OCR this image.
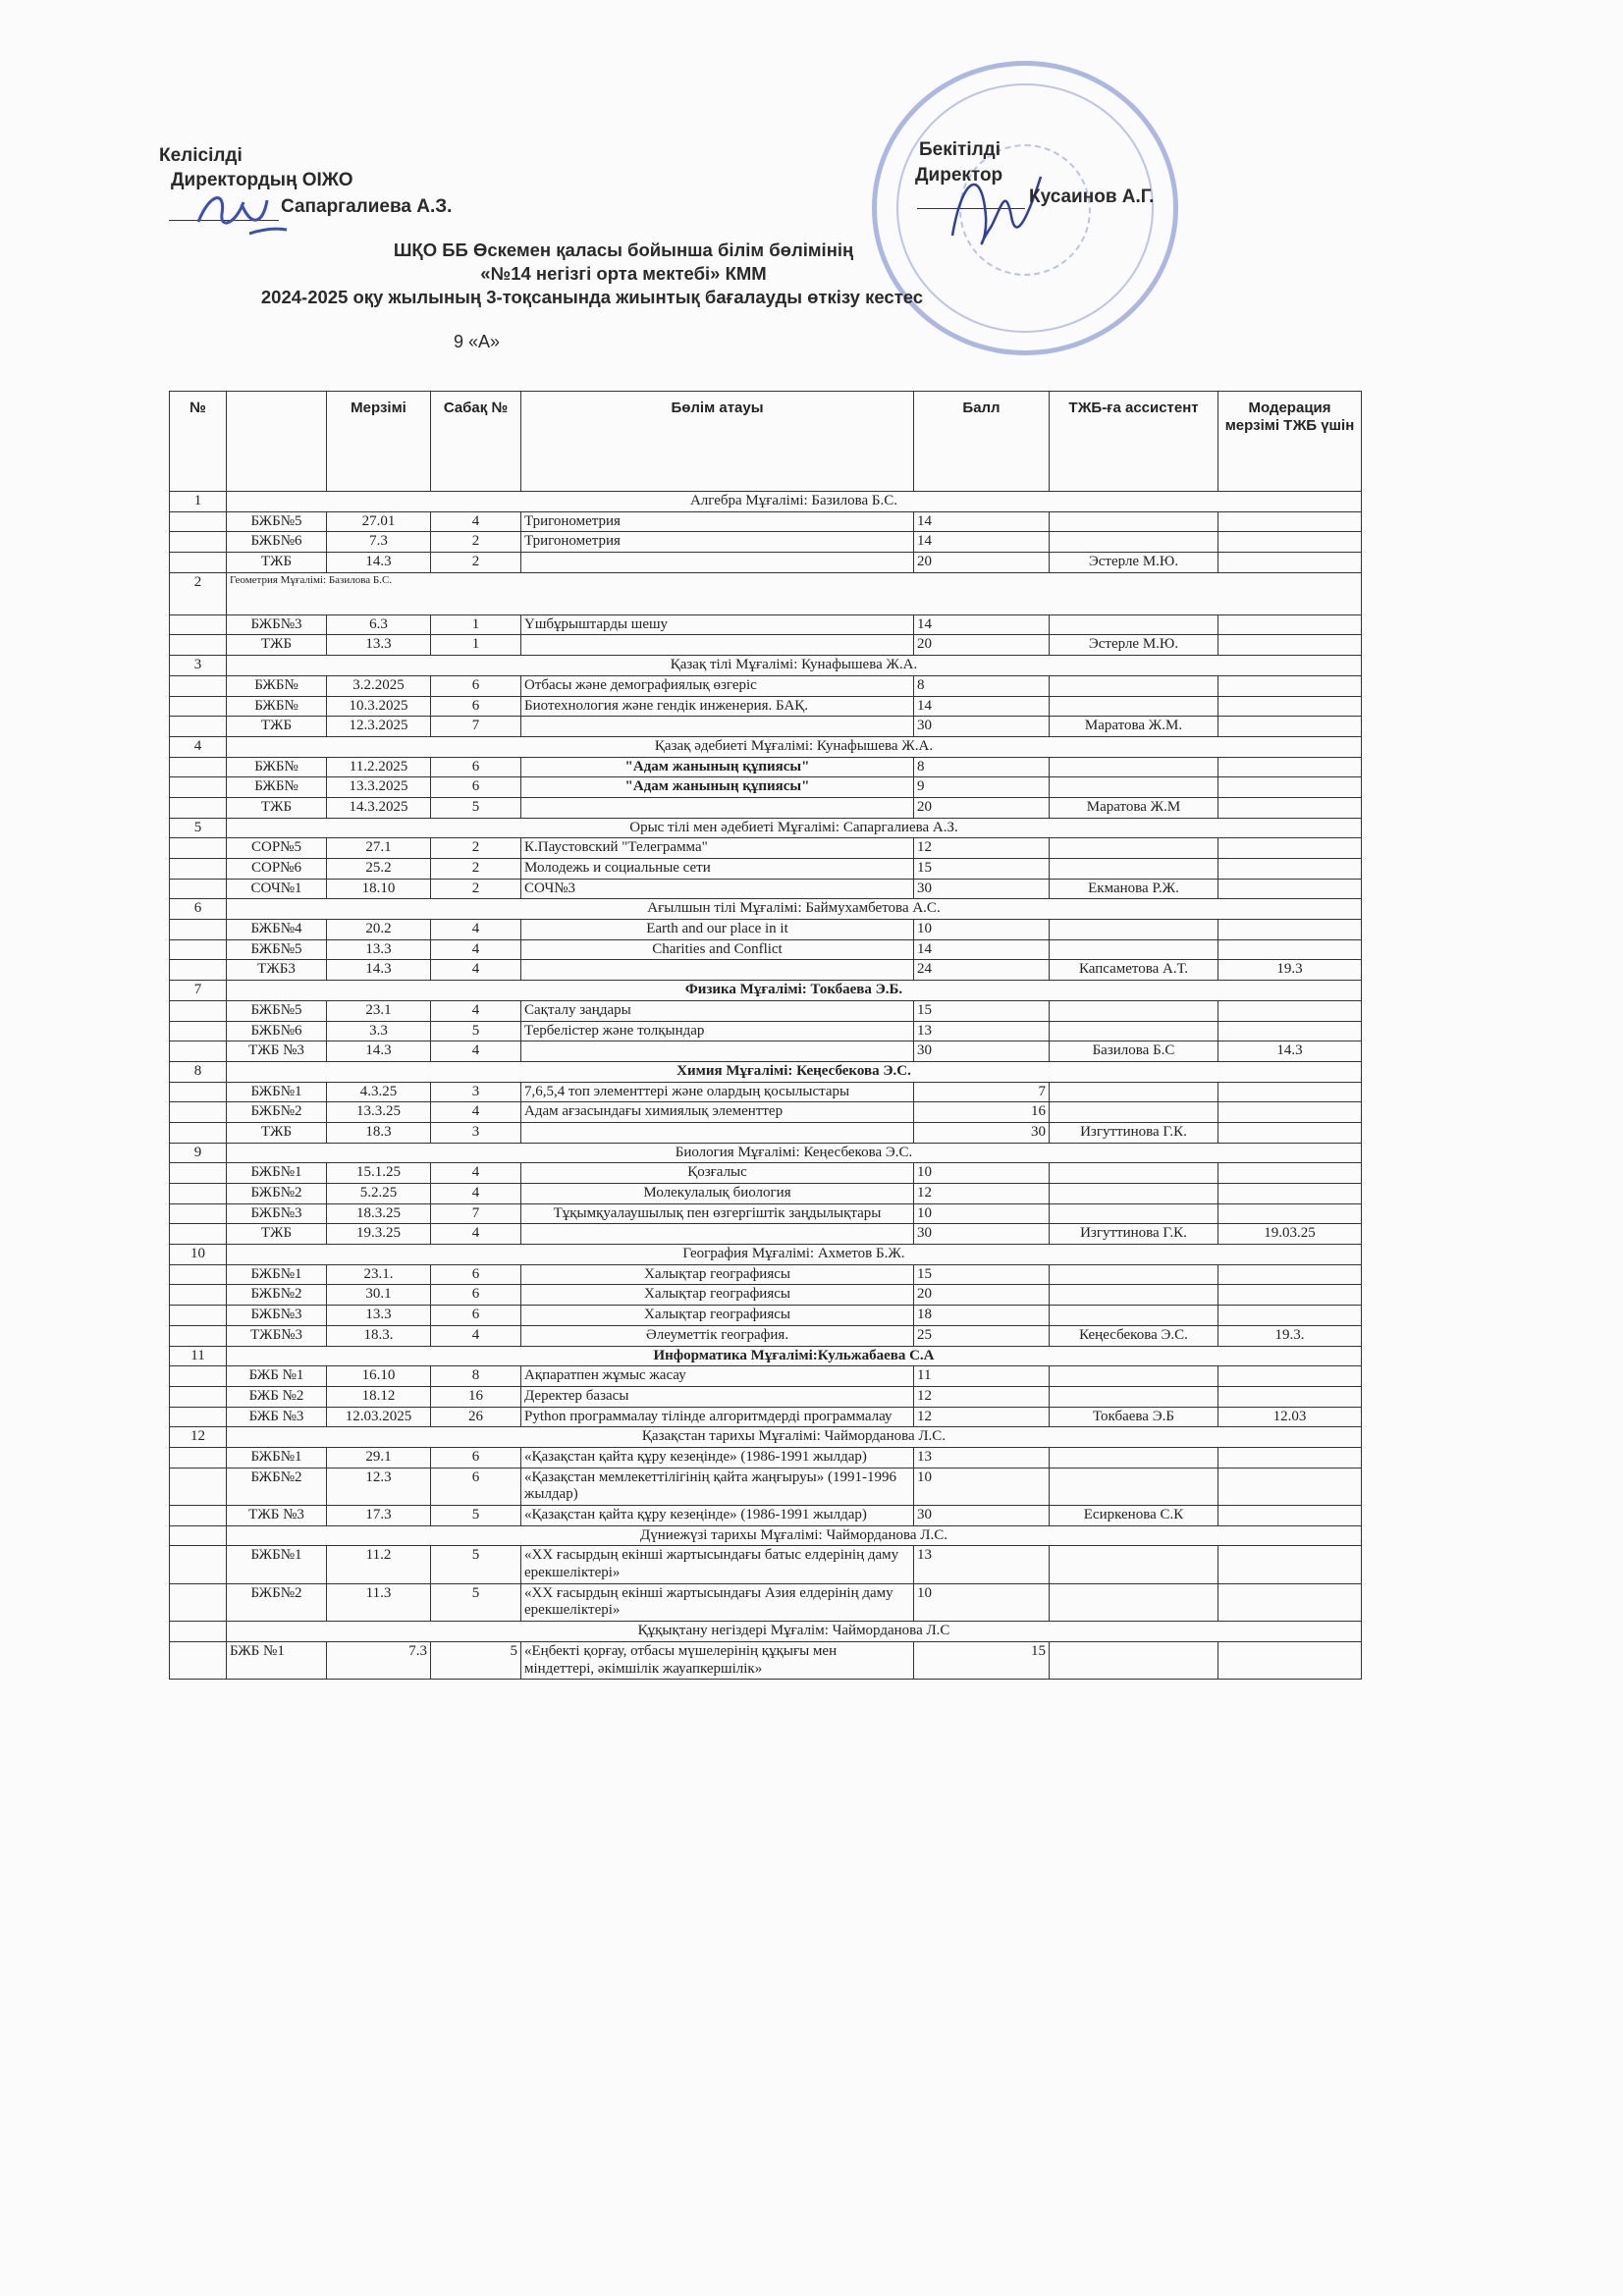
Келісілді
Директордың ОІЖО
Сапаргалиева А.З.
Бекітілді
Директор
Кусаинов А.Г.
ШҚО ББ Өскемен қаласы бойынша білім бөлімінің
«№14 негізгі орта мектебі» КММ
2024-2025 оқу жылының 3-тоқсанында жиынтық бағалауды өткізу кестес
9 «А»
№		Мерзімі	Сабақ №	Бөлім атауы	Балл	ТЖБ-ға ассистент	Модерация мерзімі ТЖБ үшін
1	Алгебра Мұғалімі: Базилова Б.С.						
	БЖБ№5	27.01	4	Тригонометрия	14		
	БЖБ№6	7.3	2	Тригонометрия	14		
	ТЖБ	14.3	2		20	Эстерле М.Ю.	
2	Геометрия Мұғалімі: Базилова Б.С.						
	БЖБ№3	6.3	1	Үшбұрыштарды шешу	14		
	ТЖБ	13.3	1		20	Эстерле М.Ю.	
3	Қазақ тілі Мұғалімі: Кунафышева Ж.А.						
	БЖБ№	3.2.2025	6	Отбасы және демографиялық өзгеріс	8		
	БЖБ№	10.3.2025	6	Биотехнология және гендік инженерия. БАҚ.	14		
	ТЖБ	12.3.2025	7		30	Маратова Ж.М.	
4	Қазақ әдебиеті Мұғалімі: Кунафышева Ж.А.						
	БЖБ№	11.2.2025	6	"Адам жанының құпиясы"	8		
	БЖБ№	13.3.2025	6	"Адам жанының құпиясы"	9		
	ТЖБ	14.3.2025	5		20	Маратова Ж.М	
5	Орыс тілі мен әдебиеті Мұғалімі: Сапаргалиева А.З.						
	СОР№5	27.1	2	К.Паустовский "Телеграмма"	12		
	СОР№6	25.2	2	Молодежь и социальные сети	15		
	СОЧ№1	18.10	2	СОЧ№3	30	Екманова Р.Ж.	
6	Ағылшын тілі Мұғалімі: Баймухамбетова А.С.						
	БЖБ№4	20.2	4	Earth and our place in it	10		
	БЖБ№5	13.3	4	Charities and Conflict	14		
	ТЖБ3	14.3	4		24	Капсаметова А.Т.	19.3
7	Физика Мұғалімі: Токбаева Э.Б.						
	БЖБ№5	23.1	4	Сақталу заңдары	15		
	БЖБ№6	3.3	5	Тербелістер және толқындар	13		
	ТЖБ №3	14.3	4		30	Базилова Б.С	14.3
8	Химия Мұғалімі: Кеңесбекова Э.С.						
	БЖБ№1	4.3.25	3	7,6,5,4 топ элементтері және олардың қосылыстары	7		
	БЖБ№2	13.3.25	4	Адам ағзасындағы химиялық элементтер	16		
	ТЖБ	18.3	3		30	Изгуттинова Г.К.	
9	Биология Мұғалімі: Кеңесбекова Э.С.						
	БЖБ№1	15.1.25	4	Қозғалыс	10		
	БЖБ№2	5.2.25	4	Молекулалық биология	12		
	БЖБ№3	18.3.25	7	Тұқымқуалаушылық пен өзгергіштік заңдылықтары	10		
	ТЖБ	19.3.25	4		30	Изгуттинова Г.К.	19.03.25
10	География Мұғалімі: Ахметов Б.Ж.						
	БЖБ№1	23.1.	6	Халықтар географиясы	15		
	БЖБ№2	30.1	6	Халықтар географиясы	20		
	БЖБ№3	13.3	6	Халықтар географиясы	18		
	ТЖБ№3	18.3.	4	Әлеуметтік география.	25	Кеңесбекова Э.С.	19.3.
11	Информатика Мұғалімі:Кульжабаева С.А						
	БЖБ №1	16.10	8	Ақпаратпен жұмыс жасау	11		
	БЖБ №2	18.12	16	Деректер базасы	12		
	БЖБ №3	12.03.2025	26	Python программалау тілінде алгоритмдерді программалау	12	Токбаева Э.Б	12.03
12	Қазақстан тарихы Мұғалімі: Чайморданова Л.С.						
	БЖБ№1	29.1	6	«Қазақстан қайта құру кезеңінде» (1986-1991 жылдар)	13		
	БЖБ№2	12.3	6	«Қазақстан мемлекеттілігінің қайта жаңғыруы» (1991-1996 жылдар)	10		
	ТЖБ №3	17.3	5	«Қазақстан қайта құру кезеңінде» (1986-1991 жылдар)	30	Есиркенова С.К	
	Дүниежүзі тарихы Мұғалімі: Чайморданова Л.С.						
	БЖБ№1	11.2	5	«XX ғасырдың екінші жартысындағы батыс елдерінің даму ерекшеліктері»	13		
	БЖБ№2	11.3	5	«XX ғасырдың екінші жартысындағы Азия елдерінің даму ерекшеліктері»	10		
	Құқықтану негіздері Мұғалім: Чайморданова Л.С						
	БЖБ №1	7.3	5	«Еңбекті қорғау, отбасы мүшелерінің құқығы мен міндеттері, әкімшілік жауапкершілік»	15		
